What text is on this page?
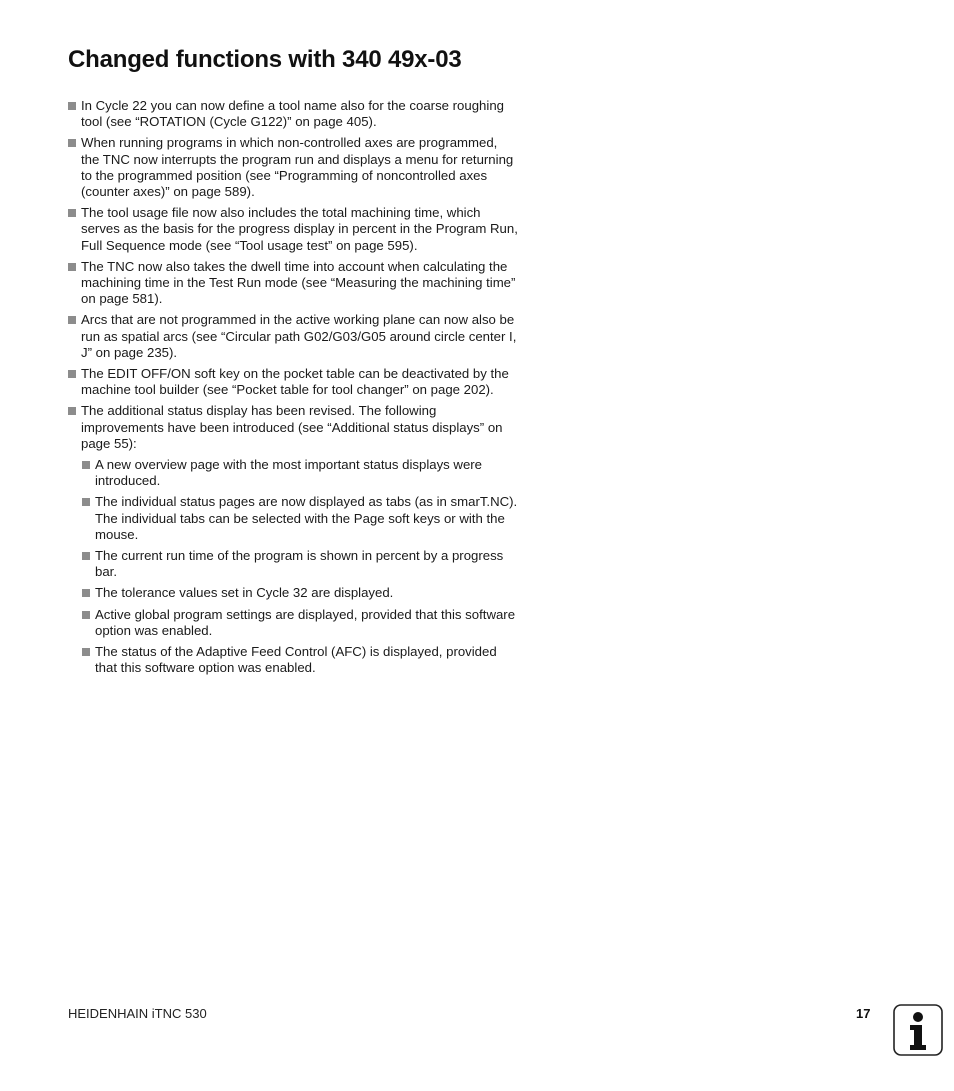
Changed functions with 340 49x-03
In Cycle 22 you can now define a tool name also for the coarse roughing tool (see “ROTATION (Cycle G122)” on page 405).
When running programs in which non-controlled axes are programmed, the TNC now interrupts the program run and displays a menu for returning to the programmed position (see “Programming of noncontrolled axes (counter axes)” on page 589).
The tool usage file now also includes the total machining time, which serves as the basis for the progress display in percent in the Program Run, Full Sequence mode (see “Tool usage test” on page 595).
The TNC now also takes the dwell time into account when calculating the machining time in the Test Run mode (see “Measuring the machining time” on page 581).
Arcs that are not programmed in the active working plane can now also be run as spatial arcs (see “Circular path G02/G03/G05 around circle center I, J” on page 235).
The EDIT OFF/ON soft key on the pocket table can be deactivated by the machine tool builder (see “Pocket table for tool changer” on page 202).
The additional status display has been revised. The following improvements have been introduced (see “Additional status displays” on page 55):
A new overview page with the most important status displays were introduced.
The individual status pages are now displayed as tabs (as in smarT.NC). The individual tabs can be selected with the Page soft keys or with the mouse.
The current run time of the program is shown in percent by a progress bar.
The tolerance values set in Cycle 32 are displayed.
Active global program settings are displayed, provided that this software option was enabled.
The status of the Adaptive Feed Control (AFC) is displayed, provided that this software option was enabled.
HEIDENHAIN iTNC 530	17
